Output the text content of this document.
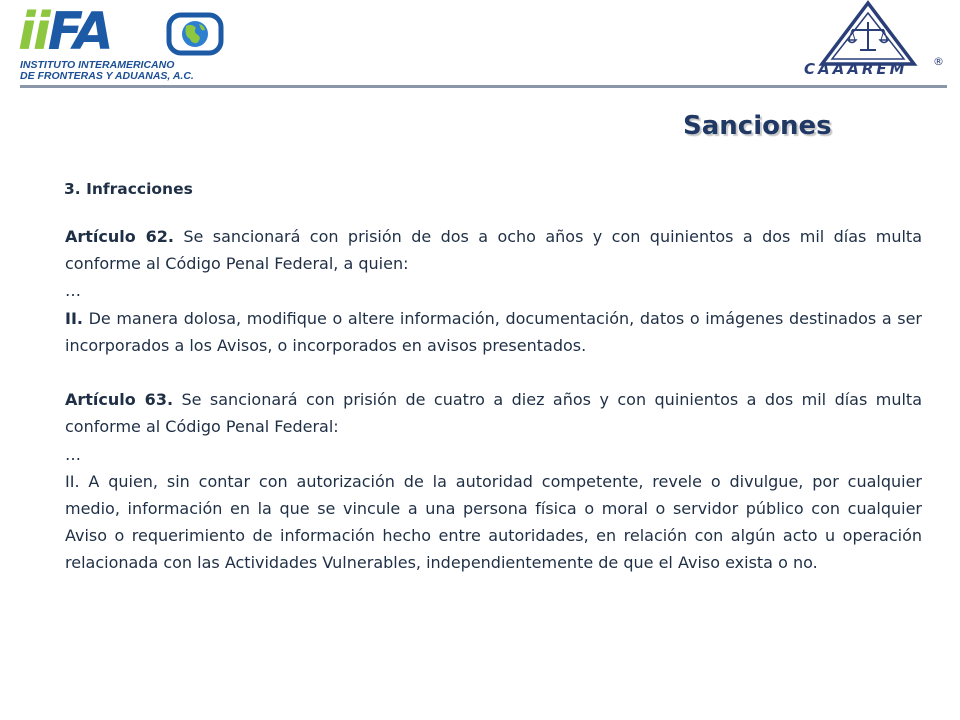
iiFA
INSTITUTO INTERAMERICANO
DE FRONTERAS Y ADUANAS, A.C.	CAAAREM ®
Sanciones
3. Infracciones

Artículo 62. Se sancionará con prisión de dos a ocho años y con quinientos a dos mil días multa conforme al Código Penal Federal, a quien:

…

II. De manera dolosa, modifique o altere información, documentación, datos o imágenes destinados a ser incorporados a los Avisos, o incorporados en avisos presentados.

Artículo 63. Se sancionará con prisión de cuatro a diez años y con quinientos a dos mil días multa conforme al Código Penal Federal:

…

II. A quien, sin contar con autorización de la autoridad competente, revele o divulgue, por cualquier medio, información en la que se vincule a una persona física o moral o servidor público con cualquier Aviso o requerimiento de información hecho entre autoridades, en relación con algún acto u operación relacionada con las Actividades Vulnerables, independientemente de que el Aviso exista o no.
